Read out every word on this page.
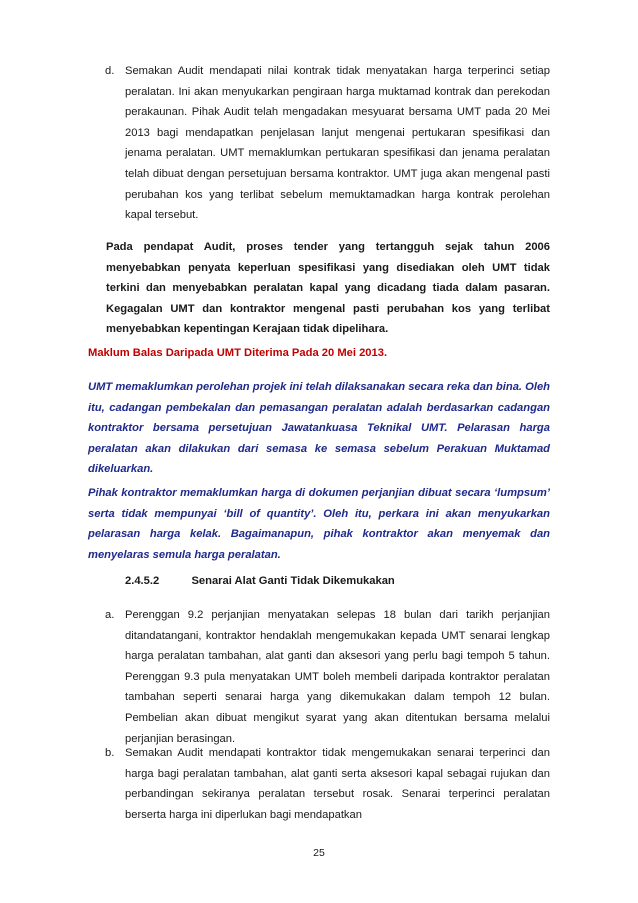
d. Semakan Audit mendapati nilai kontrak tidak menyatakan harga terperinci setiap peralatan. Ini akan menyukarkan pengiraan harga muktamad kontrak dan perekodan perakaunan. Pihak Audit telah mengadakan mesyuarat bersama UMT pada 20 Mei 2013 bagi mendapatkan penjelasan lanjut mengenai pertukaran spesifikasi dan jenama peralatan. UMT memaklumkan pertukaran spesifikasi dan jenama peralatan telah dibuat dengan persetujuan bersama kontraktor. UMT juga akan mengenal pasti perubahan kos yang terlibat sebelum memuktamadkan harga kontrak perolehan kapal tersebut.
Pada pendapat Audit, proses tender yang tertangguh sejak tahun 2006 menyebabkan penyata keperluan spesifikasi yang disediakan oleh UMT tidak terkini dan menyebabkan peralatan kapal yang dicadang tiada dalam pasaran. Kegagalan UMT dan kontraktor mengenal pasti perubahan kos yang terlibat menyebabkan kepentingan Kerajaan tidak dipelihara.
Maklum Balas Daripada UMT Diterima Pada 20 Mei 2013.
UMT memaklumkan perolehan projek ini telah dilaksanakan secara reka dan bina. Oleh itu, cadangan pembekalan dan pemasangan peralatan adalah berdasarkan cadangan kontraktor bersama persetujuan Jawatankuasa Teknikal UMT. Pelarasan harga peralatan akan dilakukan dari semasa ke semasa sebelum Perakuan Muktamad dikeluarkan.
Pihak kontraktor memaklumkan harga di dokumen perjanjian dibuat secara ‘lumpsum’ serta tidak mempunyai ‘bill of quantity’. Oleh itu, perkara ini akan menyukarkan pelarasan harga kelak. Bagaimanapun, pihak kontraktor akan menyemak dan menyelaras semula harga peralatan.
2.4.5.2	Senarai Alat Ganti Tidak Dikemukakan
a. Perenggan 9.2 perjanjian menyatakan selepas 18 bulan dari tarikh perjanjian ditandatangani, kontraktor hendaklah mengemukakan kepada UMT senarai lengkap harga peralatan tambahan, alat ganti dan aksesori yang perlu bagi tempoh 5 tahun. Perenggan 9.3 pula menyatakan UMT boleh membeli daripada kontraktor peralatan tambahan seperti senarai harga yang dikemukakan dalam tempoh 12 bulan. Pembelian akan dibuat mengikut syarat yang akan ditentukan bersama melalui perjanjian berasingan.
b. Semakan Audit mendapati kontraktor tidak mengemukakan senarai terperinci dan harga bagi peralatan tambahan, alat ganti serta aksesori kapal sebagai rujukan dan perbandingan sekiranya peralatan tersebut rosak. Senarai terperinci peralatan berserta harga ini diperlukan bagi mendapatkan
25
